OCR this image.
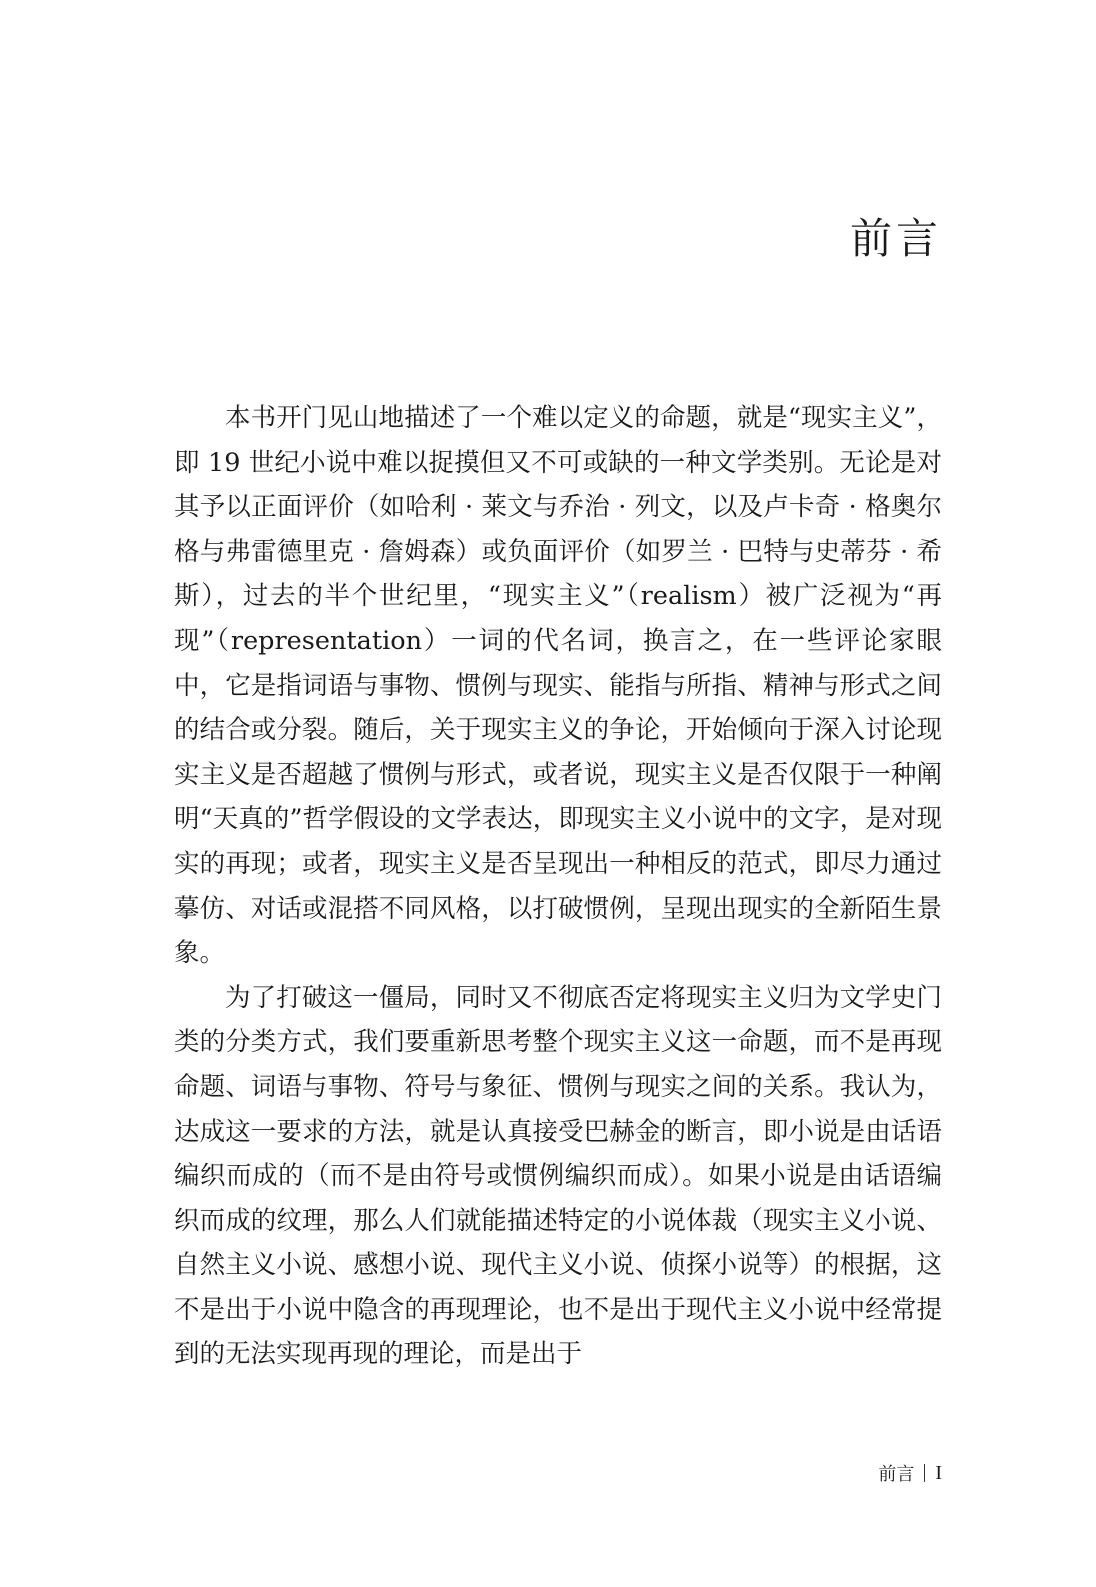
前言

本书开门见山地描述了一个难以定义的命题，就是“现实主义”，即 19 世纪小说中难以捉摸但又不可或缺的一种文学类别。无论是对其予以正面评价（如哈利 · 莱文与乔治 · 列文，以及卢卡奇 · 格奥尔格与弗雷德里克 · 詹姆森）或负面评价（如罗兰 · 巴特与史蒂芬 · 希斯），过去的半个世纪里，“现实主义”（realism）被广泛视为“再现”（representation）一词的代名词，换言之，在一些评论家眼中，它是指词语与事物、惯例与现实、能指与所指、精神与形式之间的结合或分裂。随后，关于现实主义的争论，开始倾向于深入讨论现实主义是否超越了惯例与形式，或者说，现实主义是否仅限于一种阐明“天真的”哲学假设的文学表达，即现实主义小说中的文字，是对现实的再现；或者，现实主义是否呈现出一种相反的范式，即尽力通过摹仿、对话或混搭不同风格，以打破惯例，呈现出现实的全新陌生景象。

为了打破这一僵局，同时又不彻底否定将现实主义归为文学史门类的分类方式，我们要重新思考整个现实主义这一命题，而不是再现命题、词语与事物、符号与象征、惯例与现实之间的关系。我认为，达成这一要求的方法，就是认真接受巴赫金的断言，即小说是由话语编织而成的（而不是由符号或惯例编织而成）。如果小说是由话语编织而成的纹理，那么人们就能描述特定的小说体裁（现实主义小说、自然主义小说、感想小说、现代主义小说、侦探小说等）的根据，这不是出于小说中隐含的再现理论，也不是出于现代主义小说中经常提到的无法实现再现的理论，而是出于

前言 I
